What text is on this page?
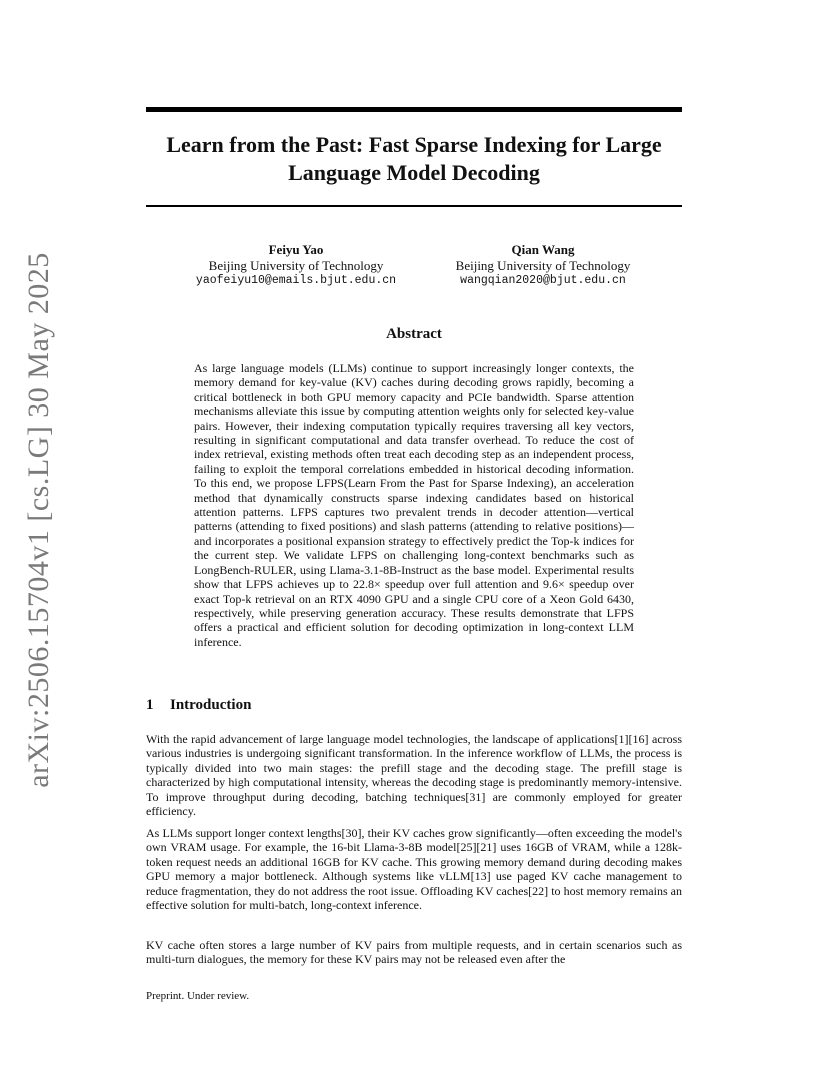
arXiv:2506.15704v1 [cs.LG] 30 May 2025
Learn from the Past: Fast Sparse Indexing for Large Language Model Decoding
Feiyu Yao
Beijing University of Technology
yaofeiyu10@emails.bjut.edu.cn
Qian Wang
Beijing University of Technology
wangqian2020@bjut.edu.cn
Abstract

As large language models (LLMs) continue to support increasingly longer contexts, the memory demand for key-value (KV) caches during decoding grows rapidly, becoming a critical bottleneck in both GPU memory capacity and PCIe bandwidth. Sparse attention mechanisms alleviate this issue by computing attention weights only for selected key-value pairs. However, their indexing computation typically requires traversing all key vectors, resulting in significant computational and data transfer overhead. To reduce the cost of index retrieval, existing methods often treat each decoding step as an independent process, failing to exploit the temporal correlations embedded in historical decoding information. To this end, we propose LFPS(Learn From the Past for Sparse Indexing), an acceleration method that dynamically constructs sparse indexing candidates based on historical attention patterns. LFPS captures two prevalent trends in decoder attention—vertical patterns (attending to fixed positions) and slash patterns (attending to relative positions)—and incorporates a positional expansion strategy to effectively predict the Top-k indices for the current step. We validate LFPS on challenging long-context benchmarks such as LongBench-RULER, using Llama-3.1-8B-Instruct as the base model. Experimental results show that LFPS achieves up to 22.8× speedup over full attention and 9.6× speedup over exact Top-k retrieval on an RTX 4090 GPU and a single CPU core of a Xeon Gold 6430, respectively, while preserving generation accuracy. These results demonstrate that LFPS offers a practical and efficient solution for decoding optimization in long-context LLM inference.

1 Introduction

With the rapid advancement of large language model technologies, the landscape of applications[1][16] across various industries is undergoing significant transformation. In the inference workflow of LLMs, the process is typically divided into two main stages: the prefill stage and the decoding stage. The prefill stage is characterized by high computational intensity, whereas the decoding stage is predominantly memory-intensive. To improve throughput during decoding, batching techniques[31] are commonly employed for greater efficiency.

As LLMs support longer context lengths[30], their KV caches grow significantly—often exceeding the model's own VRAM usage. For example, the 16-bit Llama-3-8B model[25][21] uses 16GB of VRAM, while a 128k-token request needs an additional 16GB for KV cache. This growing memory demand during decoding makes GPU memory a major bottleneck. Although systems like vLLM[13] use paged KV cache management to reduce fragmentation, they do not address the root issue. Offloading KV caches[22] to host memory remains an effective solution for multi-batch, long-context inference.

KV cache often stores a large number of KV pairs from multiple requests, and in certain scenarios such as multi-turn dialogues, the memory for these KV pairs may not be released even after the

Preprint. Under review.
